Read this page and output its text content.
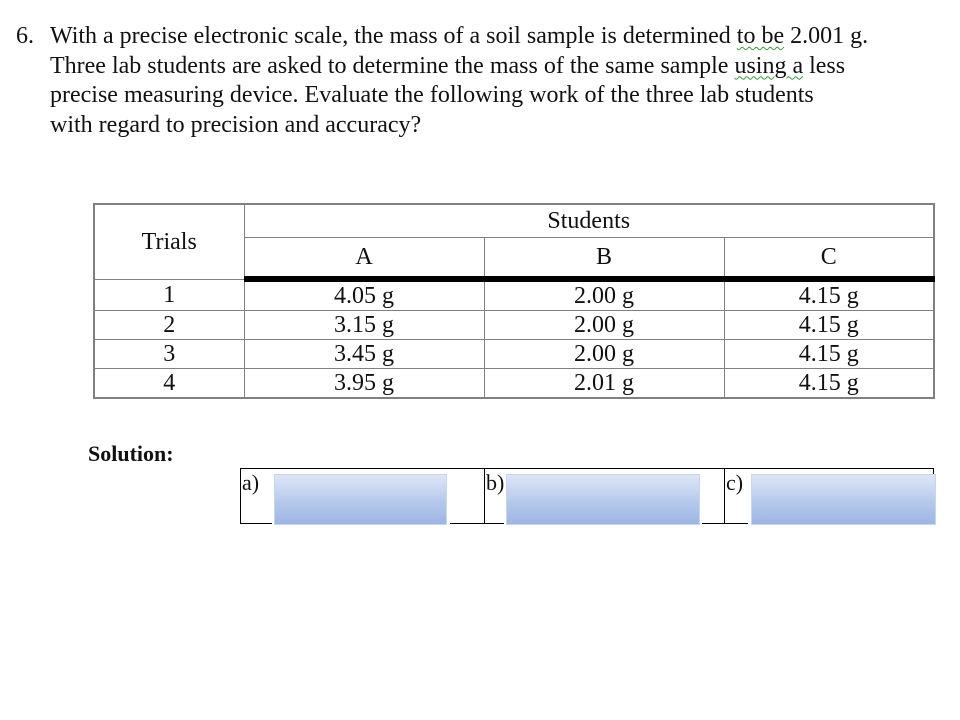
6. With a precise electronic scale, the mass of a soil sample is determined to be 2.001 g.
Three lab students are asked to determine the mass of the same sample using a less
precise measuring device. Evaluate the following work of the three lab students
with regard to precision and accuracy?
Trials	Students		
	A	B	C
1	4.05 g	2.00 g	4.15 g
2	3.15 g	2.00 g	4.15 g
3	3.45 g	2.00 g	4.15 g
4	3.95 g	2.01 g	4.15 g
Solution:
a)	b)	c)
